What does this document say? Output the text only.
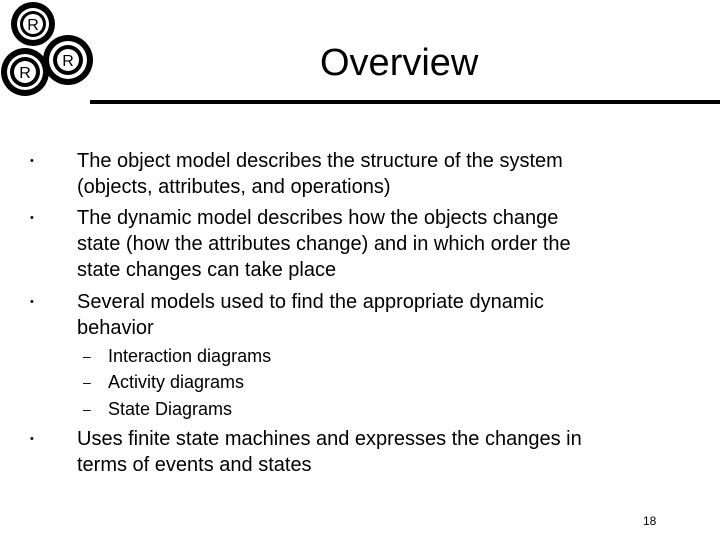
R
R
R	Overview
•	The object model describes the structure of the system
(objects, attributes, and operations)
•	The dynamic model describes how the objects change
state (how the attributes change) and in which order the
state changes can take place
•	Several models used to find the appropriate dynamic
behavior
– Interaction diagrams
– Activity diagrams
– State Diagrams
•	Uses finite state machines and expresses the changes in
terms of events and states
18
